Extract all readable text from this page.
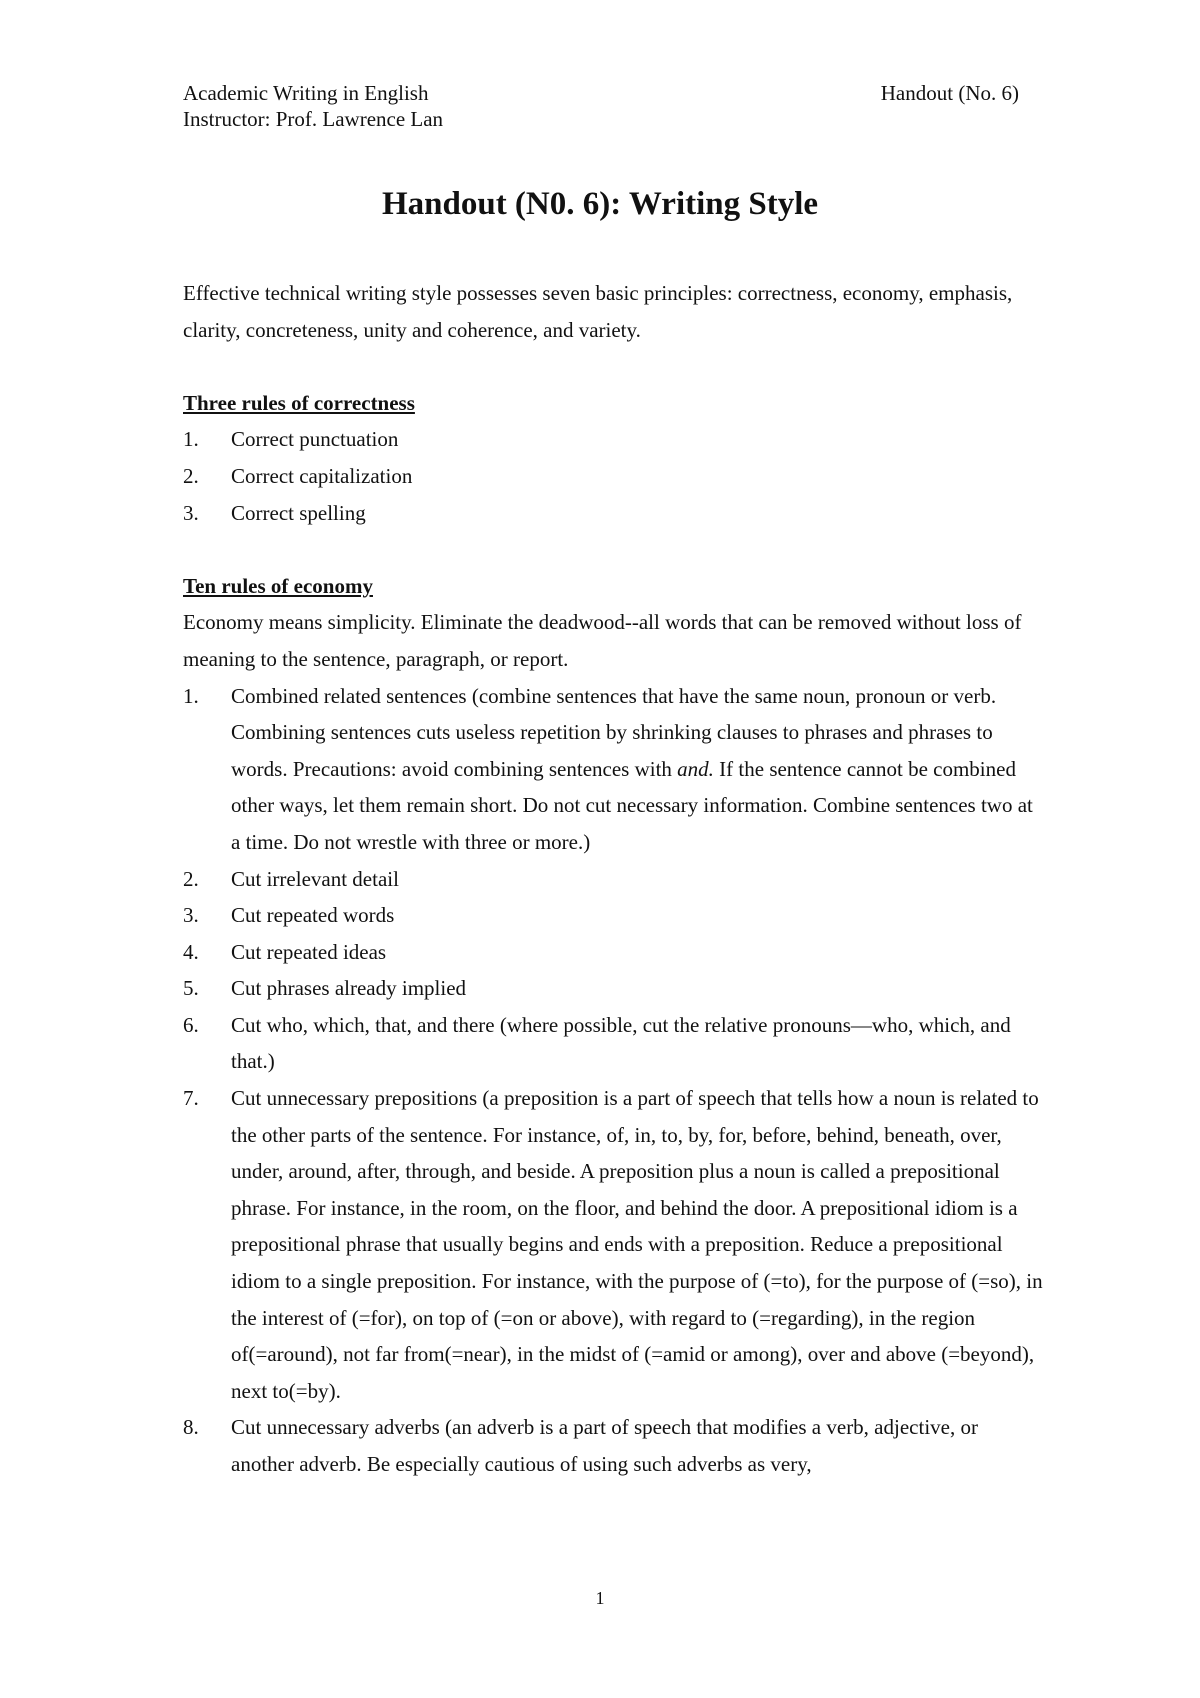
Academic Writing in English	Handout (No. 6)
Instructor: Prof. Lawrence Lan
Handout (N0. 6): Writing Style

Effective technical writing style possesses seven basic principles: correctness, economy, emphasis, clarity, concreteness, unity and coherence, and variety.

Three rules of correctness

1.	Correct punctuation
2.	Correct capitalization
3.	Correct spelling

Ten rules of economy

Economy means simplicity. Eliminate the deadwood--all words that can be removed without loss of meaning to the sentence, paragraph, or report.

1.	Combined related sentences (combine sentences that have the same noun, pronoun or verb. Combining sentences cuts useless repetition by shrinking clauses to phrases and phrases to words. Precautions: avoid combining sentences with and. If the sentence cannot be combined other ways, let them remain short. Do not cut necessary information. Combine sentences two at a time. Do not wrestle with three or more.)
2.	Cut irrelevant detail
3.	Cut repeated words
4.	Cut repeated ideas
5.	Cut phrases already implied
6.	Cut who, which, that, and there (where possible, cut the relative pronouns—who, which, and that.)
7.	Cut unnecessary prepositions (a preposition is a part of speech that tells how a noun is related to the other parts of the sentence. For instance, of, in, to, by, for, before, behind, beneath, over, under, around, after, through, and beside. A preposition plus a noun is called a prepositional phrase. For instance, in the room, on the floor, and behind the door. A prepositional idiom is a prepositional phrase that usually begins and ends with a preposition. Reduce a prepositional idiom to a single preposition. For instance, with the purpose of (=to), for the purpose of (=so), in the interest of (=for), on top of (=on or above), with regard to (=regarding), in the region of(=around), not far from(=near), in the midst of (=amid or among), over and above (=beyond), next to(=by).
8.	Cut unnecessary adverbs (an adverb is a part of speech that modifies a verb, adjective, or another adverb. Be especially cautious of using such adverbs as very,
1
